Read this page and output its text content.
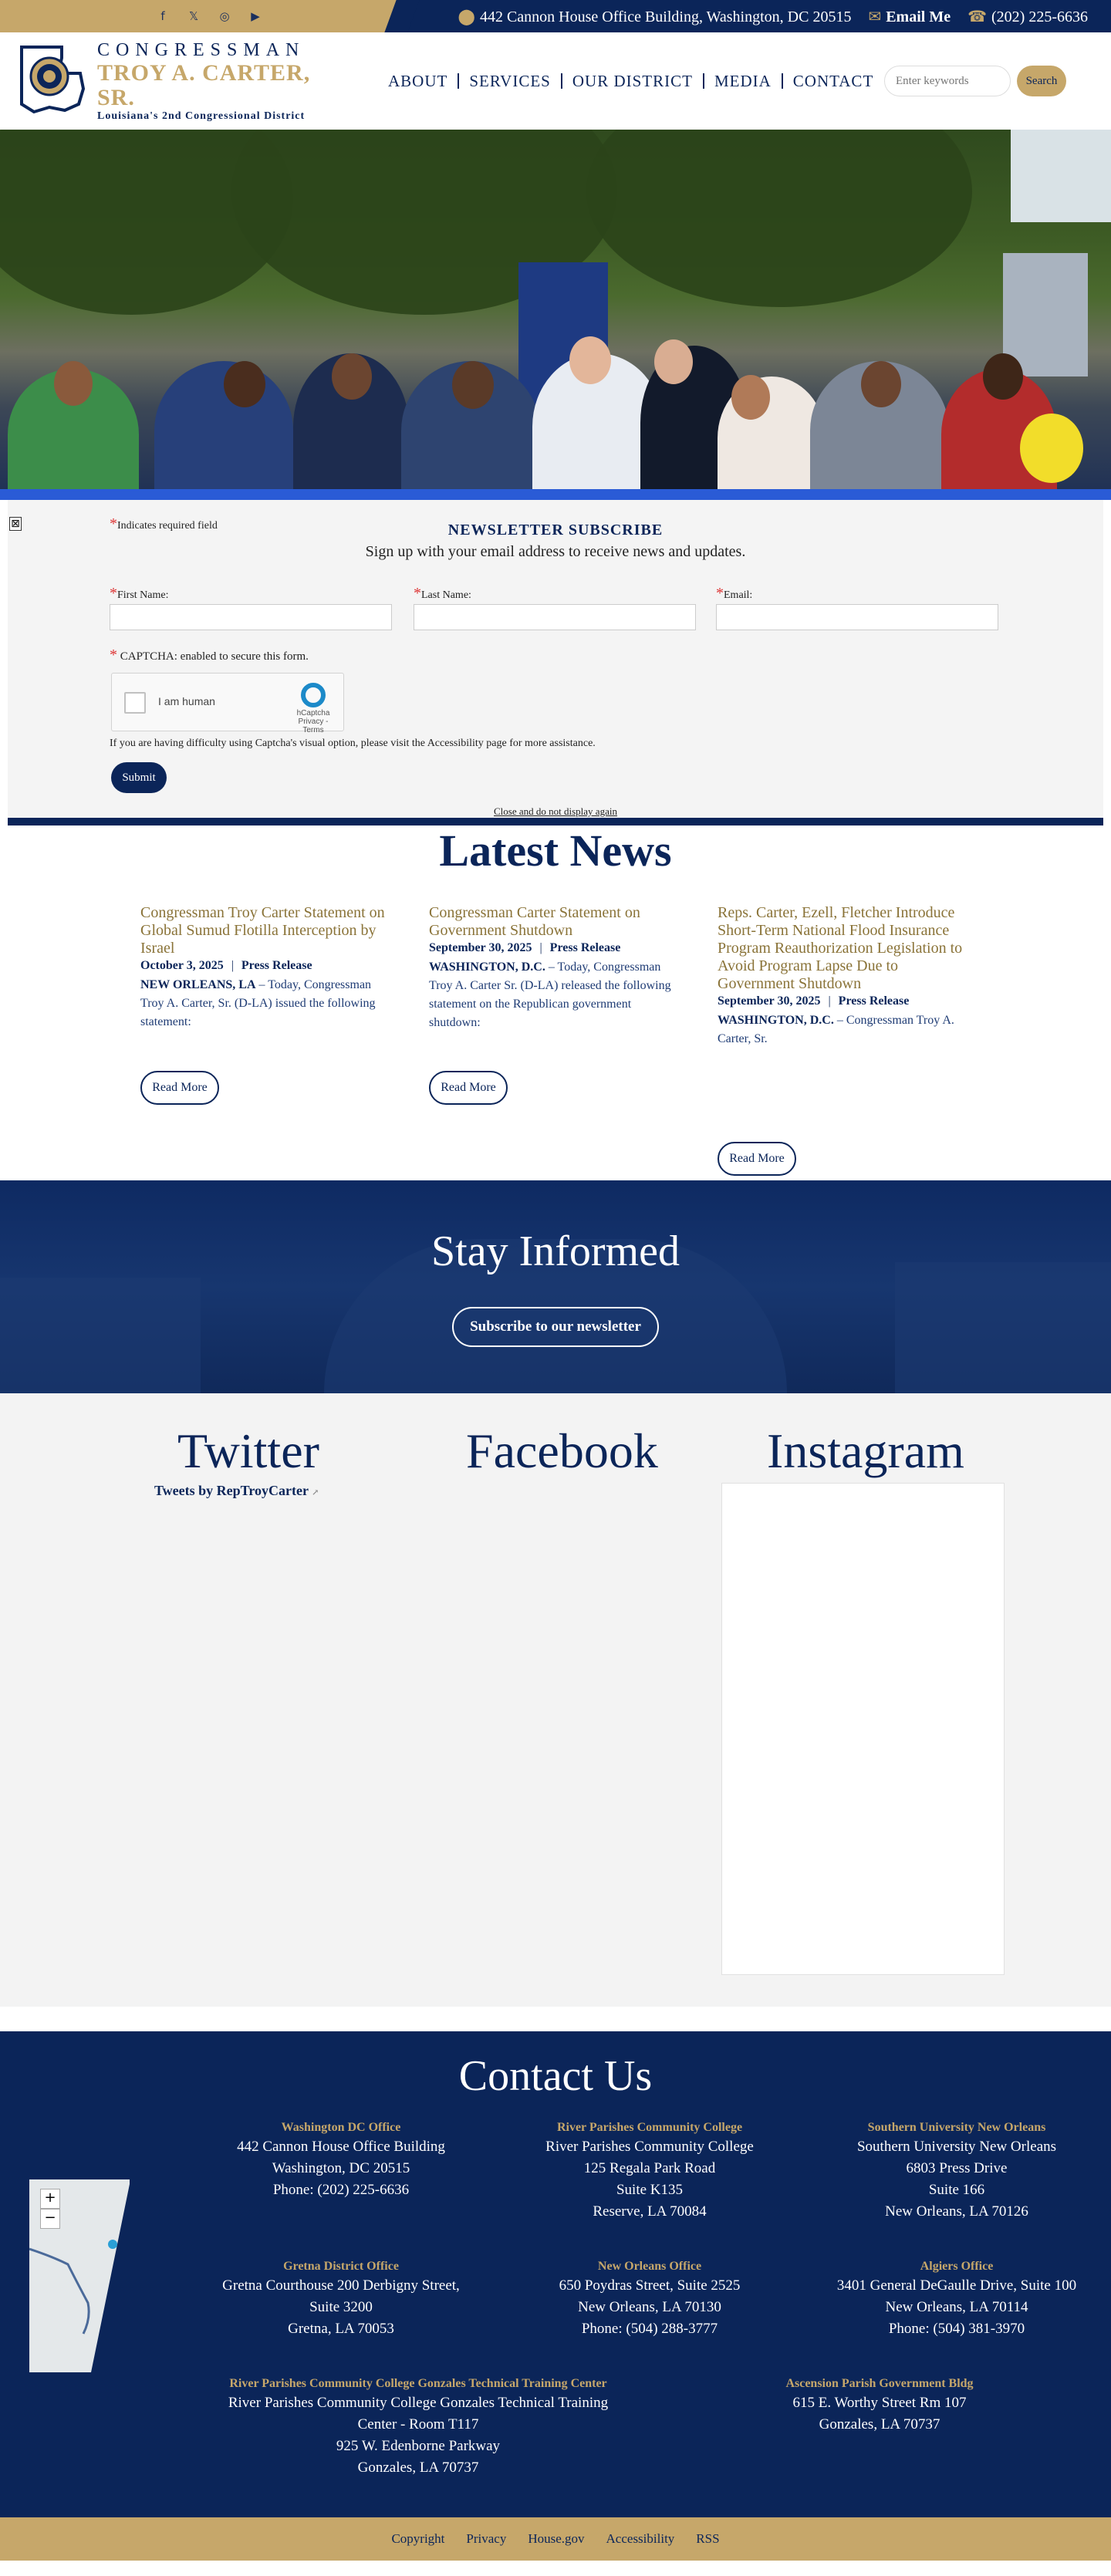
f	𝕏	◎	▶	⬤ 442 Cannon House Office Building, Washington, DC 20515 ✉ Email Me ☎ (202) 225-6636
CONGRESSMAN
TROY A. CARTER, SR.
Louisiana's 2nd Congressional District
ABOUT	SERVICES	OUR DISTRICT	MEDIA	CONTACT
Enter keywords	Search
⊠	*Indicates required field	NEWSLETTER SUBSCRIBE
Sign up with your email address to receive news and updates.
*First Name:	*Last Name:	*Email:
* CAPTCHA: enabled to secure this form.
I am human
hCaptcha
Privacy - Terms
If you are having difficulty using Captcha's visual option, please visit the Accessibility page for more assistance.
Submit
Close and do not display again
Latest News
Congressman Troy Carter Statement on Global Sumud Flotilla Interception by Israel
October 3, 2025 | Press Release
NEW ORLEANS, LA – Today, Congressman Troy A. Carter, Sr. (D-LA) issued the following statement:
Read More
Congressman Carter Statement on Government Shutdown
September 30, 2025 | Press Release
WASHINGTON, D.C. – Today, Congressman Troy A. Carter Sr. (D-LA) released the following statement on the Republican government shutdown:
Read More
Reps. Carter, Ezell, Fletcher Introduce Short-Term National Flood Insurance Program Reauthorization Legislation to Avoid Program Lapse Due to Government Shutdown
September 30, 2025 | Press Release
WASHINGTON, D.C. – Congressman Troy A. Carter, Sr.
Read More
Stay Informed
Subscribe to our newsletter
Twitter
Tweets by RepTroyCarter ↗
Facebook Instagram
Contact Us
+
−
Washington DC Office
442 Cannon House Office Building
Washington, DC 20515
Phone: (202) 225-6636
River Parishes Community College
River Parishes Community College
125 Regala Park Road
Suite K135
Reserve, LA 70084
Southern University New Orleans
Southern University New Orleans
6803 Press Drive
Suite 166
New Orleans, LA 70126
Gretna District Office
Gretna Courthouse 200 Derbigny Street,
Suite 3200
Gretna, LA 70053
New Orleans Office
650 Poydras Street, Suite 2525
New Orleans, LA 70130
Phone: (504) 288-3777
Algiers Office
3401 General DeGaulle Drive, Suite 100
New Orleans, LA 70114
Phone: (504) 381-3970
River Parishes Community College Gonzales Technical Training Center
River Parishes Community College Gonzales Technical Training
Center - Room T117
925 W. Edenborne Parkway
Gonzales, LA 70737
Ascension Parish Government Bldg
615 E. Worthy Street Rm 107
Gonzales, LA 70737
Copyright Privacy House.gov Accessibility RSS
